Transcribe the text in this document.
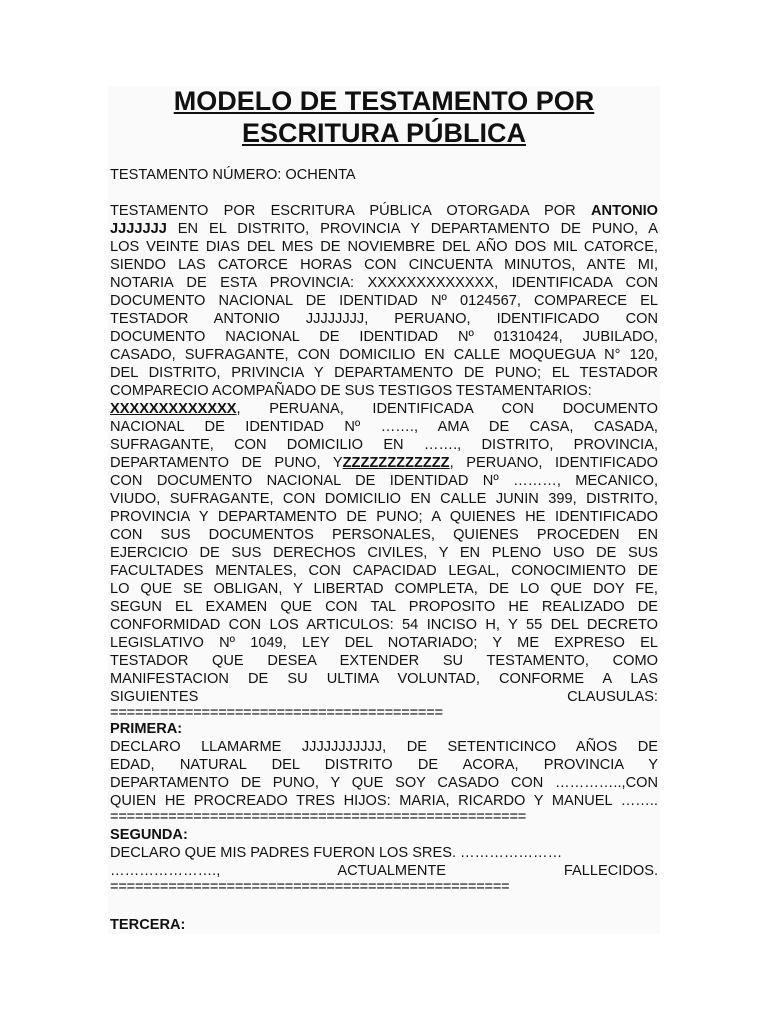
MODELO DE TESTAMENTO POR
ESCRITURA PÚBLICA
TESTAMENTO NÚMERO: OCHENTA
TESTAMENTO POR ESCRITURA PÚBLICA OTORGADA POR ANTONIO
JJJJJJJ EN EL DISTRITO, PROVINCIA Y DEPARTAMENTO DE PUNO, A
LOS VEINTE DIAS DEL MES DE NOVIEMBRE DEL AÑO DOS MIL CATORCE,
SIENDO LAS CATORCE HORAS CON CINCUENTA MINUTOS, ANTE MI,
NOTARIA DE ESTA PROVINCIA: XXXXXXXXXXXXX, IDENTIFICADA CON
DOCUMENTO NACIONAL DE IDENTIDAD Nº 0124567, COMPARECE EL
TESTADOR ANTONIO JJJJJJJJ, PERUANO, IDENTIFICADO CON
DOCUMENTO NACIONAL DE IDENTIDAD Nº 01310424, JUBILADO,
CASADO, SUFRAGANTE, CON DOMICILIO EN CALLE MOQUEGUA N° 120,
DEL DISTRITO, PRIVINCIA Y DEPARTAMENTO DE PUNO; EL TESTADOR
COMPARECIO ACOMPAÑADO DE SUS TESTIGOS TESTAMENTARIOS:
XXXXXXXXXXXXX, PERUANA, IDENTIFICADA CON DOCUMENTO
NACIONAL DE IDENTIDAD Nº ……., AMA DE CASA, CASADA,
SUFRAGANTE, CON DOMICILIO EN ……., DISTRITO, PROVINCIA,
DEPARTAMENTO DE PUNO, YZZZZZZZZZZZZ, PERUANO, IDENTIFICADO
CON DOCUMENTO NACIONAL DE IDENTIDAD Nº ………, MECANICO,
VIUDO, SUFRAGANTE, CON DOMICILIO EN CALLE JUNIN 399, DISTRITO,
PROVINCIA Y DEPARTAMENTO DE PUNO; A QUIENES HE IDENTIFICADO
CON SUS DOCUMENTOS PERSONALES, QUIENES PROCEDEN EN
EJERCICIO DE SUS DERECHOS CIVILES, Y EN PLENO USO DE SUS
FACULTADES MENTALES, CON CAPACIDAD LEGAL, CONOCIMIENTO DE
LO QUE SE OBLIGAN, Y LIBERTAD COMPLETA, DE LO QUE DOY FE,
SEGUN EL EXAMEN QUE CON TAL PROPOSITO HE REALIZADO DE
CONFORMIDAD CON LOS ARTICULOS: 54 INCISO H, Y 55 DEL DECRETO
LEGISLATIVO Nº 1049, LEY DEL NOTARIADO; Y ME EXPRESO EL
TESTADOR QUE DESEA EXTENDER SU TESTAMENTO, COMO
MANIFESTACION DE SU ULTIMA VOLUNTAD, CONFORME A LAS
SIGUIENTES CLAUSULAS:
========================================
PRIMERA:
DECLARO LLAMARME JJJJJJJJJJJ, DE SETENTICINCO AÑOS DE
EDAD, NATURAL DEL DISTRITO DE ACORA, PROVINCIA Y
DEPARTAMENTO DE PUNO, Y QUE SOY CASADO CON …………..,CON
QUIEN HE PROCREADO TRES HIJOS: MARIA, RICARDO Y MANUEL ……..
==================================================
SEGUNDA:
DECLARO QUE MIS PADRES FUERON LOS SRES. …………………
…………………., ACTUALMENTE FALLECIDOS.
================================================
TERCERA:
